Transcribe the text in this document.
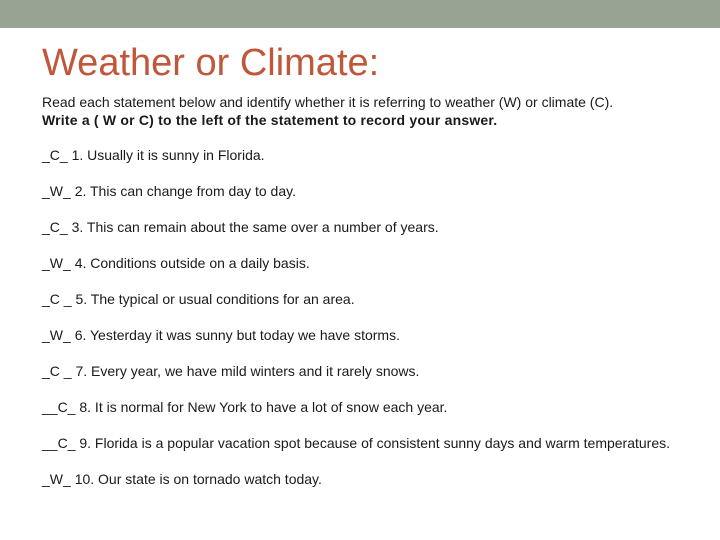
Weather or Climate:
Read each statement below and identify whether it is referring to weather (W) or climate (C).
Write a ( W or C) to the left of the statement to record your answer.
_C_ 1. Usually it is sunny in Florida.
_W_ 2. This can change from day to day.
_C_ 3. This can remain about the same over a number of years.
_W_ 4. Conditions outside on a daily basis.
_C _ 5. The typical or usual conditions for an area.
_W_ 6. Yesterday it was sunny but today we have storms.
_C _ 7. Every year, we have mild winters and it rarely snows.
__C_ 8. It is normal for New York to have a lot of snow each year.
__C_ 9. Florida is a popular vacation spot because of consistent sunny days and warm temperatures.
_W_ 10. Our state is on tornado watch today.
